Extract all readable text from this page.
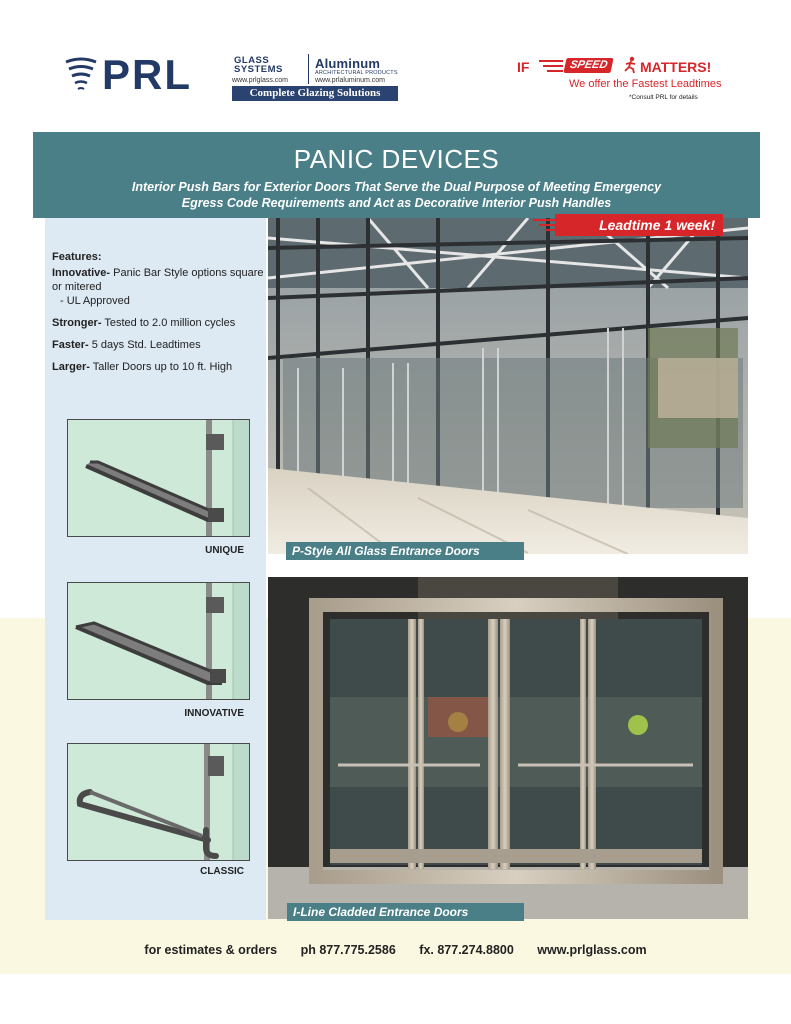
PRL	GLASS
SYSTEMS
www.prlglass.com
Aluminum
ARCHITECTURAL PRODUCTS
www.prlaluminum.com
Complete Glazing Solutions
IF	SPEED	MATTERS!
We offer the Fastest Leadtimes
*Consult PRL for details
PANIC DEVICES
Interior Push Bars for Exterior Doors That Serve the Dual Purpose of Meeting Emergency
Egress Code Requirements and Act as Decorative Interior Push Handles
Features:
Innovative- Panic Bar Style options square or mitered
- UL Approved
Stronger- Tested to 2.0 million cycles
Faster- 5 days Std. Leadtimes
Larger- Taller Doors up to 10 ft. High
UNIQUE
INNOVATIVE
CLASSIC
Leadtime 1 week!
P-Style All Glass Entrance Doors
I-Line Cladded Entrance Doors
for estimates & orders ph 877.775.2586 fx. 877.274.8800 www.prlglass.com
